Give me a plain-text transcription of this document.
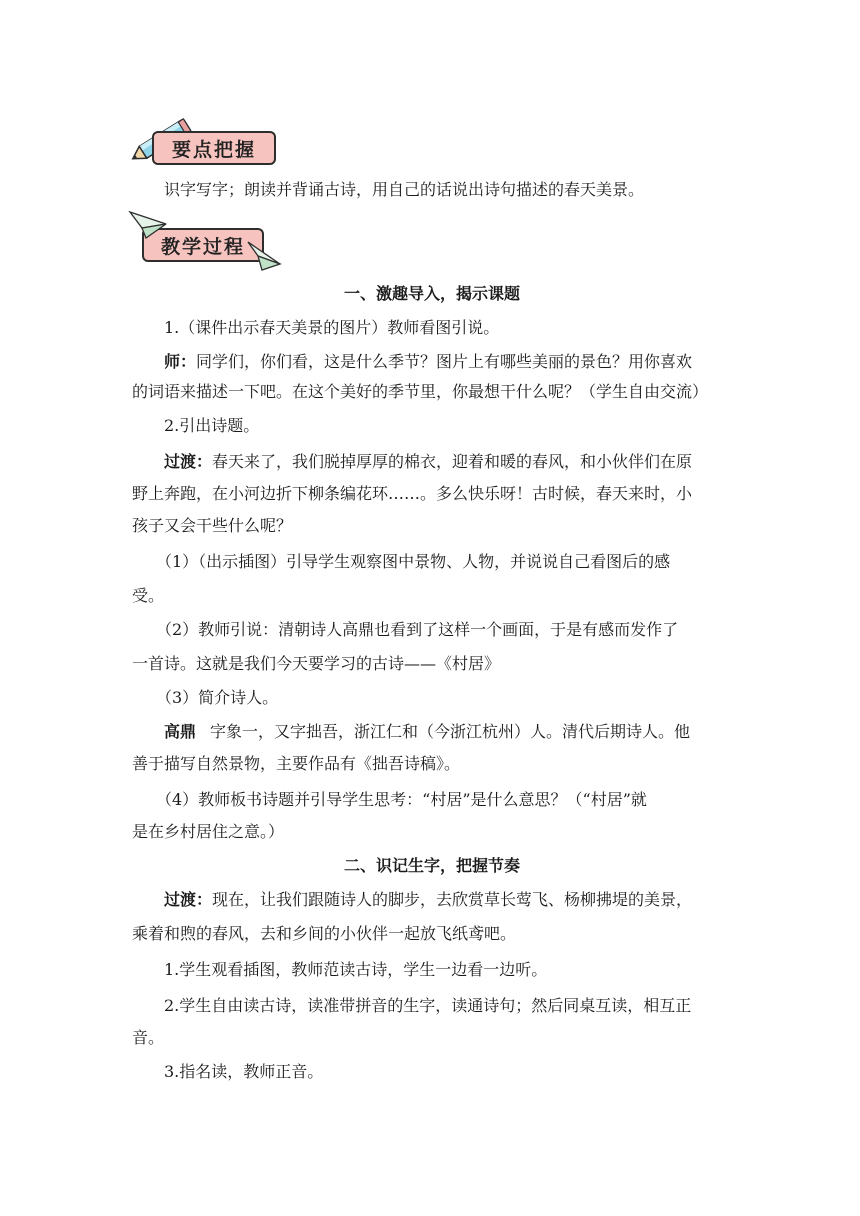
要点把握
识字写字；朗读并背诵古诗，用自己的话说出诗句描述的春天美景。
教学过程
一、激趣导入，揭示课题
1.（课件出示春天美景的图片）教师看图引说。
师：同学们，你们看，这是什么季节？图片上有哪些美丽的景色？用你喜欢
的词语来描述一下吧。在这个美好的季节里，你最想干什么呢？（学生自由交流）
2.引出诗题。
过渡：春天来了，我们脱掉厚厚的棉衣，迎着和暖的春风，和小伙伴们在原
野上奔跑，在小河边折下柳条编花环……。多么快乐呀！古时候，春天来时，小
孩子又会干些什么呢？
（1）（出示插图）引导学生观察图中景物、人物，并说说自己看图后的感
受。
（2）教师引说：清朝诗人高鼎也看到了这样一个画面，于是有感而发作了
一首诗。这就是我们今天要学习的古诗——《村居》
（3）简介诗人。
高鼎 字象一，又字拙吾，浙江仁和（今浙江杭州）人。清代后期诗人。他
善于描写自然景物，主要作品有《拙吾诗稿》。
（4）教师板书诗题并引导学生思考：“村居”是什么意思？（“村居”就
是在乡村居住之意。）
二、识记生字，把握节奏
过渡：现在，让我们跟随诗人的脚步，去欣赏草长莺飞、杨柳拂堤的美景，
乘着和煦的春风，去和乡间的小伙伴一起放飞纸鸢吧。
1.学生观看插图，教师范读古诗，学生一边看一边听。
2.学生自由读古诗，读准带拼音的生字，读通诗句；然后同桌互读，相互正
音。
3.指名读，教师正音。
